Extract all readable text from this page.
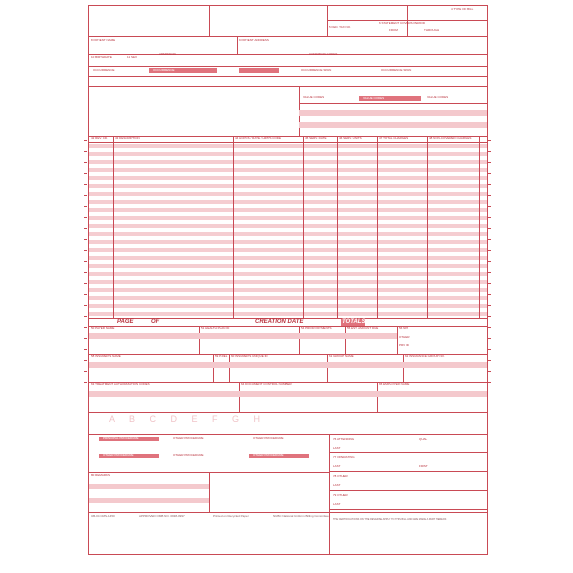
4 TYPE OF BILL
5 FED. TAX NO.
6 STATEMENT COVERS PERIOD
FROM	THROUGH
8 PATIENT NAME	9 PATIENT ADDRESS
10 BIRTHDATE	11 SEX
ADMISSION	CONDITION CODES
OCCURRENCE	OCCURRENCE	OCCURRENCE SPAN	OCCURRENCE SPAN
VALUE CODES	VALUE CODES	VALUE CODES
42 REV. CD. 43 DESCRIPTION	44 HCPCS / RATE / HIPPS CODE	45 SERV. DATE	46 SERV. UNITS	47 TOTAL CHARGES	48 NON-COVERED CHARGES
PAGE	OF	CREATION DATE	TOTALS
50 PAYER NAME	51 HEALTH PLAN ID	54 PRIOR PAYMENTS	55 EST. AMOUNT DUE	56 NPI
OTHER
PRV ID
58 INSURED'S NAME	59 P.REL 60 INSURED'S UNIQUE ID	61 GROUP NAME	62 INSURANCE GROUP NO.
63 TREATMENT AUTHORIZATION CODES	64 DOCUMENT CONTROL NUMBER	65 EMPLOYER NAME
A B C D E F G H
PRINCIPAL PROCEDURE	OTHER PROCEDURE	OTHER PROCEDURE
OTHER PROCEDURE	OTHER PROCEDURE	OTHER PROCEDURE
76 ATTENDING
LAST
QUAL
77 OPERATING
LAST	FIRST
78 OTHER
LAST
79 OTHER
LAST
80 REMARKS
UB-04 CMS-1450	APPROVED OMB NO. 0938-0997	Printed on Recycled Paper	NUBC National Uniform Billing Committee
THE CERTIFICATIONS ON THE REVERSE APPLY TO THIS BILL AND ARE MADE A PART HEREOF.
